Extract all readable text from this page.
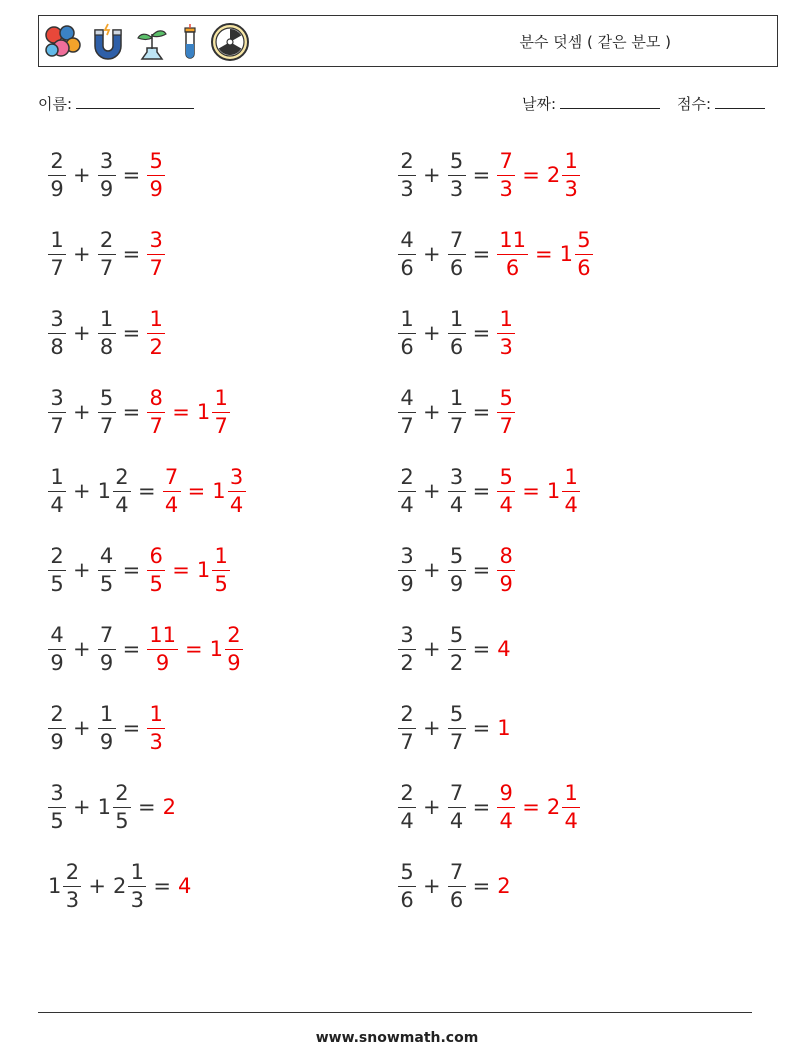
분수 덧셈 ( 같은 분모 )
이름:	날짜:	점수:
$\frac{2}{9} + \frac{3}{9} = \frac{5}{9}$
$\frac{1}{7} + \frac{2}{7} = \frac{3}{7}$
$\frac{3}{8} + \frac{1}{8} = \frac{1}{2}$
$\frac{3}{7} + \frac{5}{7} = \frac{8}{7} = 1 \frac{1}{7}$
$\frac{1}{4} + 1 \frac{2}{4} = \frac{7}{4} = 1 \frac{3}{4}$
$\frac{2}{5} + \frac{4}{5} = \frac{6}{5} = 1 \frac{1}{5}$
$\frac{4}{9} + \frac{7}{9} = \frac{11}{9} = 1 \frac{2}{9}$
$\frac{2}{9} + \frac{1}{9} = \frac{1}{3}$
$\frac{3}{5} + 1 \frac{2}{5} = 2$
$1 \frac{2}{3} + 2 \frac{1}{3} = 4$
$\frac{2}{3} + \frac{5}{3} = \frac{7}{3} = 2 \frac{1}{3}$
$\frac{4}{6} + \frac{7}{6} = \frac{11}{6} = 1 \frac{5}{6}$
$\frac{1}{6} + \frac{1}{6} = \frac{1}{3}$
$\frac{4}{7} + \frac{1}{7} = \frac{5}{7}$
$\frac{2}{4} + \frac{3}{4} = \frac{5}{4} = 1 \frac{1}{4}$
$\frac{3}{9} + \frac{5}{9} = \frac{8}{9}$
$\frac{3}{2} + \frac{5}{2} = 4$
$\frac{2}{7} + \frac{5}{7} = 1$
$\frac{2}{4} + \frac{7}{4} = \frac{9}{4} = 2 \frac{1}{4}$
$\frac{5}{6} + \frac{7}{6} = 2$
www.snowmath.com
